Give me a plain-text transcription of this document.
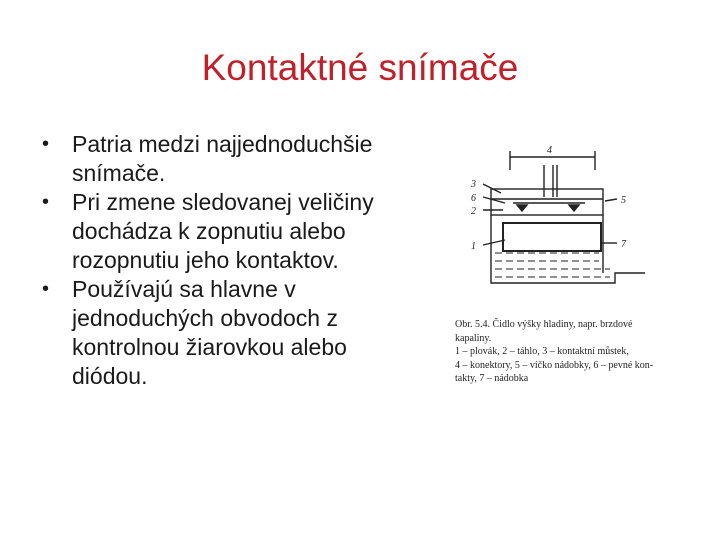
Kontaktné snímače
• Patria medzi najjednoduchšie snímače.
• Pri zmene sledovanej veličiny dochádza k zopnutiu alebo rozopnutiu jeho kontaktov.
• Používajú sa hlavne v jednoduchých obvodoch z kontrolnou žiarovkou alebo diódou.
4
3
6
2
1
5
7
Obr. 5.4. Čidlo výšky hladiny, napr. brzdové
kapaliny.
1 – plovák, 2 – táhlo, 3 – kontaktní můstek,
4 – konektory, 5 – víčko nádobky, 6 – pevné kon-
takty, 7 – nádobka
